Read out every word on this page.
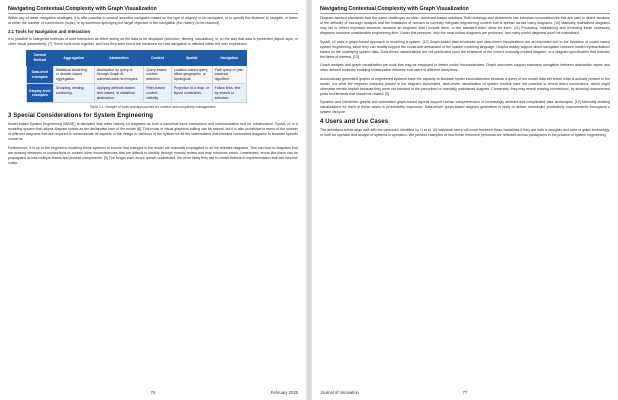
Navigating Contextual Complexity with Graph Visualization

Within any of these navigation strategies, it is also possible to provide selective navigation based on the type of edge(s) to be navigated, or to specify the distance to navigate, in terms of either the number of connections (hops), or by somehow specifying the target objective of the navigation (the node(s) to be reached).

2.1 Tools for Navigation and Interaction

It is possible to categorize methods of user interaction as either acting on the data to be displayed (selection, filtering, calculation), or on the way that data is presented (layout style, or other visual parameters). [7] These tools work together, and how they work forms the backbone for how navigation is affected within the user experience.

Control Method	Aggregation	Abstraction	Context	Spatial	Navigation
Data-level examples	Statistical clustering, or domain-based aggregation.	Abstraction by query or through Graph AI summarization techniques.	Query-based context selection	Location-based query, either geographic, or topological.	Path query or path traversal algorithm.
Display-level examples	Grouping, nesting, combining.	Applying attribute-based, time-based, or statistical abstraction.	Filter-based context visibility	Projection to a map, or layout constraints.	Follow links, find by search or selection.
Table 2-1: Sample of tools and approaches for context and complexity management.
3 Special Considerations for System Engineering

Model-based System Engineering (MBSE) is discipline that relies heavily on diagrams as both a canonical input mechanism and communication tool for collaboration. SysML v1 is a modeling system that utilizes diagram syntax as the declarative form of the model [8]. This mode of visual graphical editing can be natural, but it is also prohibitive in terms of the number of different diagrams that are required to communicate all aspects of the design or behavior of the system for all the stakeholders that demand customized diagrams to illustrate specific concerns.

Furthermore, it is up to the engineers modeling these systems to ensure that changes in the model are manually propagated to all the relevant diagrams. This can lead to diagrams that are missing elements or connections or contain other inconsistencies that are difficult to identify through manual review and may introduce errors. Undetected, errors like these can be propagated across multiple teams and product components. [9] The longer such errors remain undetected, the more likely they are to create defects in implementation that can become costly.

76	February 2025
Navigating Contextual Complexity with Graph Visualization

Diagram-focused standards face the same challenges as older, document-based solutions. Both drawings and documents can introduce inconsistencies that are hard to detect because of the difficulty of thorough analysis and the limitations of humans to correctly integrate engineering context that is spread across many diagrams. [10] Manually maintained diagrams may fail to reflect important elements because an engineer didn't include them, or the standard didn't allow for them. [11] Producing, maintaining and reviewing these necessary diagrams consume considerable engineering time. Under this pressure, only the most critical diagrams are produced, and many useful diagrams won't be maintained.

SysML v2 uses a graph-based approach to modeling a system. [12] Graph-based data structures and data-driven visualizations are an important tool in the evolution of model-based system engineering, since they can readily support the constructs demanded of the system modeling language. Graphs readily support direct navigation between model representations based on the underlying system data. Data-driven visualizations are not predicated upon the existence of the correct manually created diagram, or a diagram specification that includes the items of interest. [13]

Graph analysis and graph visualization are tools that may be employed to detect model inconsistencies. Graph structures support seamless navigation between abstraction layers and other defined contexts, enabling collaboration between end users of different disciplines.

Automatically generated graphs of engineered systems have the capacity to illustrate model inconsistencies because a query of the model data will return what is actually present in the model, not what the engineer manually placed in the diagram. Automated, data-driven visualization of system models have the potential to reveal direct connections, which might otherwise remain implicit because they were not included in the prescribed or manually maintained diagram. Conversely, they may reveal missing connections, by showing unconnected ports on elements that should be related. [9]

Dynamic and interactive graphs and automated graph-based layouts support human comprehension of increasingly abstract and complicated data landscapes. [14] Manually creating visualizations for each of these cases is prohibitively expensive. Data-driven graph-based diagram generation is likely to deliver meaningful productivity improvements throughout a system lifecycle.

4 Users and Use Cases

The definitions below align well with the persona's identified by Li et al. [4] Individual users will move between these modalities if they are both a designer and user of graph technology, or both an operator and analyst of systems in operation. We present examples of how these reference personas are reflected across participants in the practice of system engineering.

Journal of Innovation	77
